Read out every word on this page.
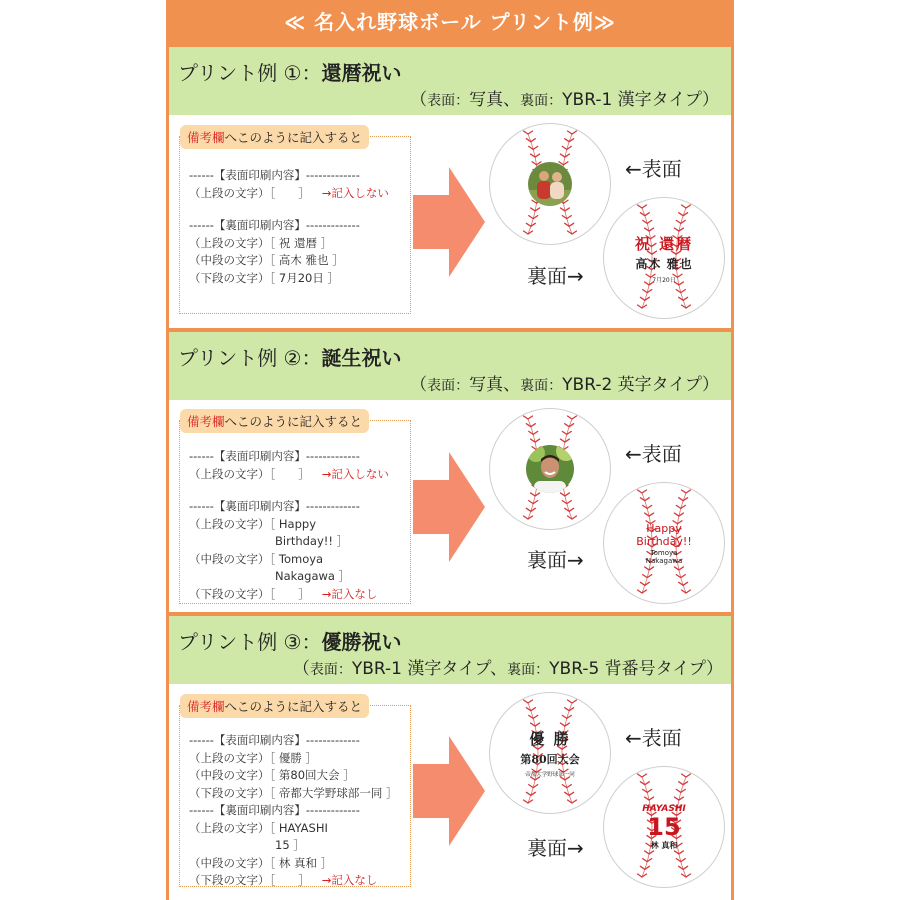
≪ 名入れ野球ボール プリント例≫
プリント例 ①：還暦祝い
（表面：写真、裏面：YBR-1 漢字タイプ）
備考欄へこのように記入すると
------【表面印刷内容】-------------
（上段の文字）［　　］ →記入しない
------【裏面印刷内容】-------------
（上段の文字）［ 祝 還暦 ］
（中段の文字）［ 高木 雅也 ］
（下段の文字）［ 7月20日 ］
←表面
祝 還暦
高木 雅也
7月20日
裏面→
プリント例 ②：誕生祝い
（表面：写真、裏面：YBR-2 英字タイプ）
備考欄へこのように記入すると
------【表面印刷内容】-------------
（上段の文字）［　　］ →記入しない
------【裏面印刷内容】-------------
（上段の文字）［ Happy
Birthday!! ］
（中段の文字）［ Tomoya
Nakagawa ］
（下段の文字）［　　］ →記入なし
←表面
Happy
Birthday!!
Tomoya
Nakagawa
裏面→
プリント例 ③：優勝祝い
（表面：YBR-1 漢字タイプ、裏面：YBR-5 背番号タイプ）
備考欄へこのように記入すると
------【表面印刷内容】-------------
（上段の文字）［ 優勝 ］
（中段の文字）［ 第80回大会 ］
（下段の文字）［ 帝都大学野球部一同 ］
------【裏面印刷内容】-------------
（上段の文字）［ HAYASHI
15 ］
（中段の文字）［ 林 真和 ］
（下段の文字）［　　］ →記入なし
優 勝
第80回大会
帝都大学野球部一同
←表面
HAYASHI
15
林 真和
裏面→
